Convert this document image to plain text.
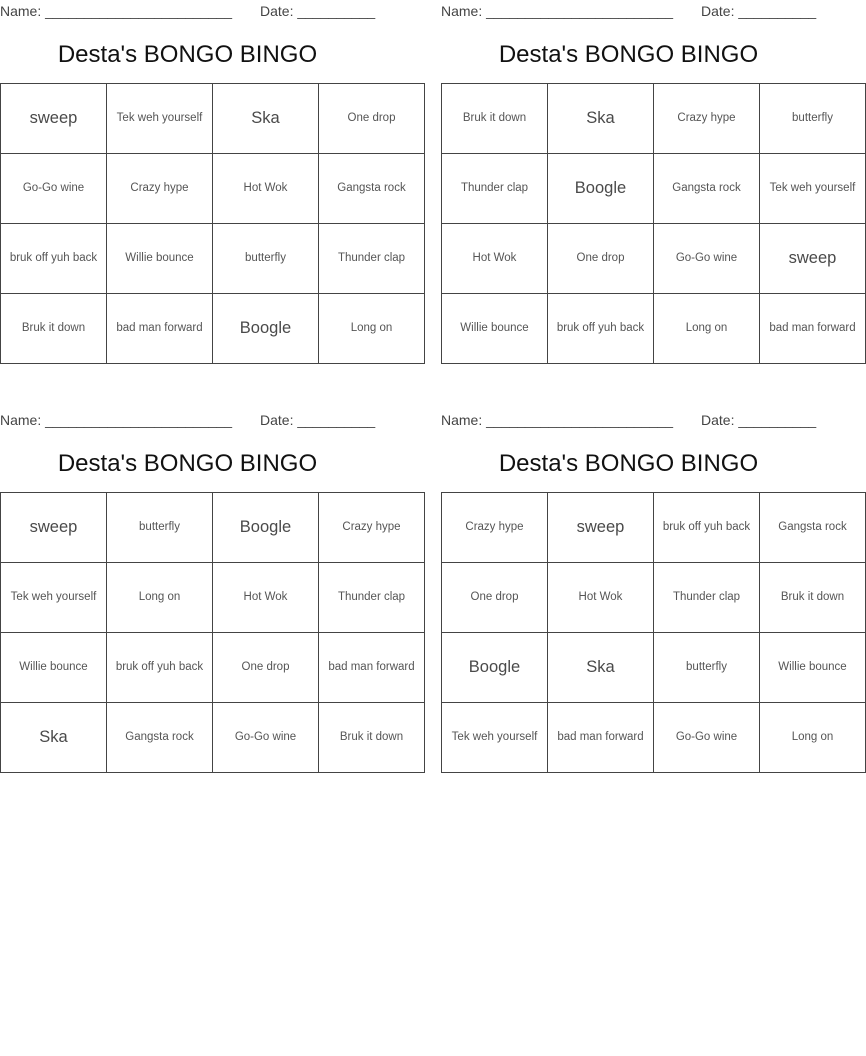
Name: ________________________ Date: __________
Desta's BONGO BINGO
sweep	Tek weh yourself	Ska	One drop
Go-Go wine	Crazy hype	Hot Wok	Gangsta rock
bruk off yuh back	Willie bounce	butterfly	Thunder clap
Bruk it down	bad man forward	Boogle	Long on
Name: ________________________ Date: __________
Desta's BONGO BINGO
Bruk it down	Ska	Crazy hype	butterfly
Thunder clap	Boogle	Gangsta rock	Tek weh yourself
Hot Wok	One drop	Go-Go wine	sweep
Willie bounce	bruk off yuh back	Long on	bad man forward
Name: ________________________ Date: __________
Desta's BONGO BINGO
sweep	butterfly	Boogle	Crazy hype
Tek weh yourself	Long on	Hot Wok	Thunder clap
Willie bounce	bruk off yuh back	One drop	bad man forward
Ska	Gangsta rock	Go-Go wine	Bruk it down
Name: ________________________ Date: __________
Desta's BONGO BINGO
Crazy hype	sweep	bruk off yuh back	Gangsta rock
One drop	Hot Wok	Thunder clap	Bruk it down
Boogle	Ska	butterfly	Willie bounce
Tek weh yourself	bad man forward	Go-Go wine	Long on
